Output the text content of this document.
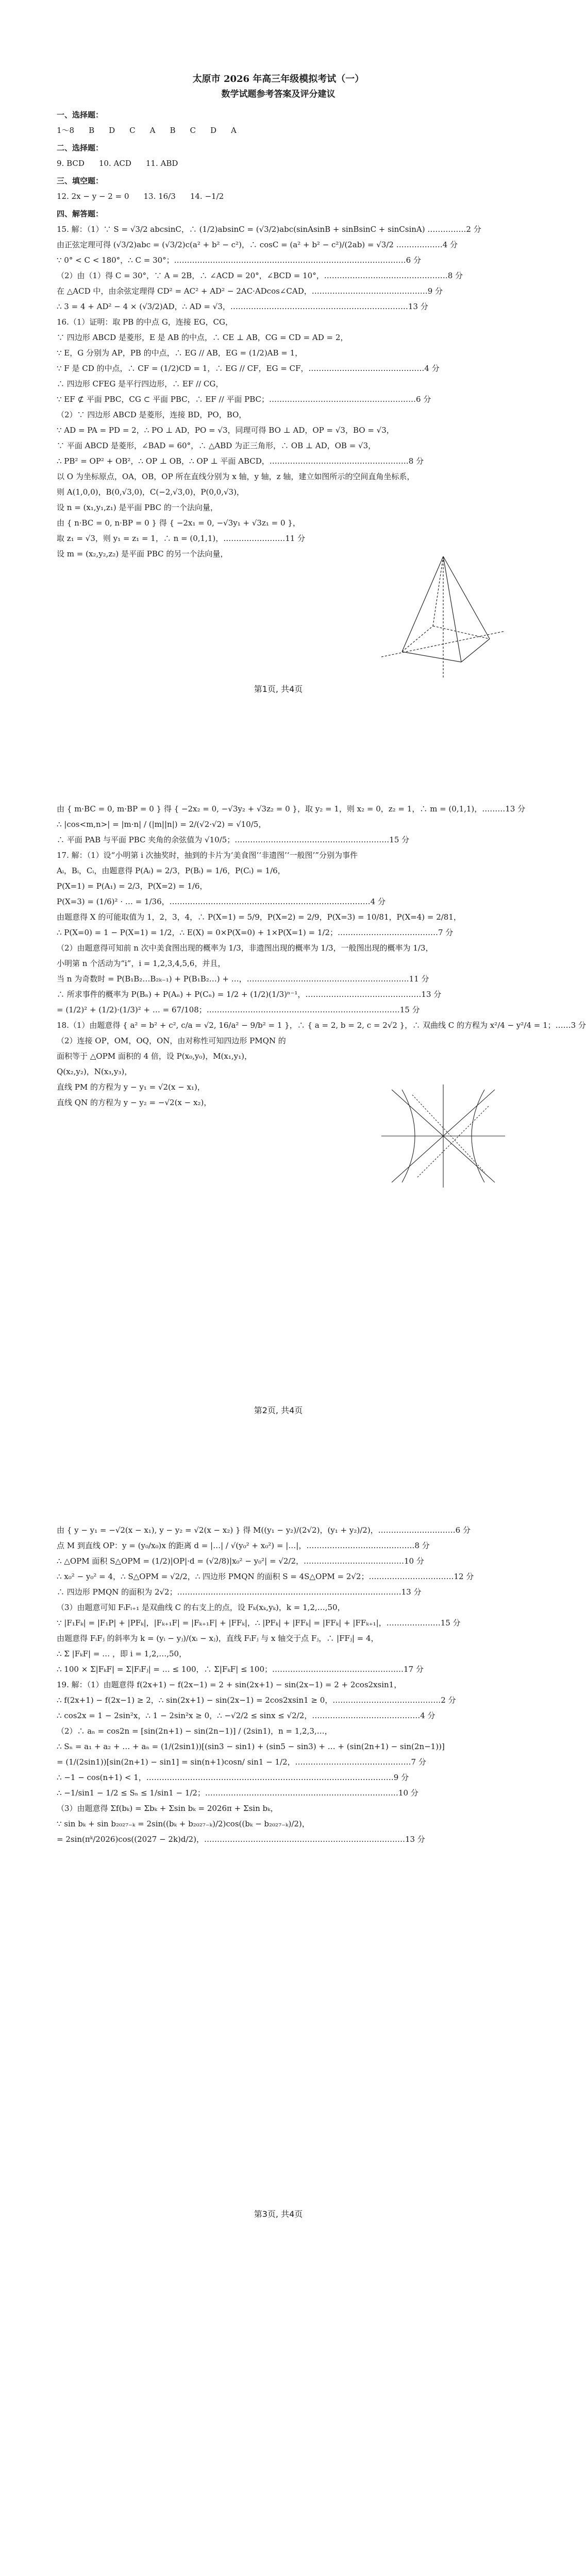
太原市 2026 年高三年级模拟考试（一）
数学试题参考答案及评分建议
一、选择题：
1～8 B D C A B C D A
二、选择题：
9. BCD 10. ACD 11. ABD
三、填空题：
12. 2x − y − 2 = 0 13. 16/3 14. −1/2
四、解答题：
15. 解：（1）∵ S = √3/2 abcsinC，∴ (1/2)absinC = (√3/2)abc(sinAsinB + sinBsinC + sinCsinA) ……………2 分
由正弦定理可得 (√3/2)abc = (√3/2)c(a² + b² − c²)，∴ cosC = (a² + b² − c²)/(2ab) = √3/2 ………………4 分
∵ 0° < C < 180°，∴ C = 30°；………………………………………………………………………………6 分
（2）由（1）得 C = 30°，∵ A = 2B，∴ ∠ACD = 20°，∠BCD = 10°，…………………………………………8 分
在 △ACD 中，由余弦定理得 CD² = AC² + AD² − 2AC·ADcos∠CAD，………………………………………9 分
∴ 3 = 4 + AD² − 4 × (√3/2)AD，∴ AD = √3，……………………………………………………………13 分
16.（1）证明：取 PB 的中点 G，连接 EG，CG，
∵ 四边形 ABCD 是菱形，E 是 AB 的中点，∴ CE ⊥ AB，CG = CD = AD = 2，
∵ E，G 分别为 AP，PB 的中点，∴ EG // AB，EG = (1/2)AB = 1，
∵ F 是 CD 的中点，∴ CF = (1/2)CD = 1，∴ EG // CF，EG = CF，………………………………………4 分
∴ 四边形 CFEG 是平行四边形，∴ EF // CG，
∵ EF ⊄ 平面 PBC，CG ⊂ 平面 PBC，∴ EF // 平面 PBC；…………………………………………………6 分
（2）∵ 四边形 ABCD 是菱形，连接 BD，PO，BO，
∵ AD = PA = PD = 2，∴ PO ⊥ AD，PO = √3，同理可得 BO ⊥ AD，OP = √3，BO = √3，
∵ 平面 ABCD 是菱形，∠BAD = 60°，∴ △ABD 为正三角形，∴ OB ⊥ AD，OB = √3，
∴ PB² = OP² + OB²，∴ OP ⊥ OB，∴ OP ⊥ 平面 ABCD，………………………………………………8 分
以 O 为坐标原点，OA，OB，OP 所在直线分别为 x 轴，y 轴，z 轴，建立如图所示的空间直角坐标系，
则 A(1,0,0)，B(0,√3,0)，C(−2,√3,0)，P(0,0,√3)，
设 n = (x₁,y₁,z₁) 是平面 PBC 的一个法向量，
由 { n·BC = 0, n·BP = 0 } 得 { −2x₁ = 0, −√3y₁ + √3z₁ = 0 }，
取 z₁ = √3，则 y₁ = z₁ = 1，∴ n = (0,1,1)，……………………11 分
设 m = (x₂,y₂,z₂) 是平面 PBC 的另一个法向量，
第1页, 共4页
由 { m·BC = 0, m·BP = 0 } 得 { −2x₂ = 0, −√3y₂ + √3z₂ = 0 }，取 y₂ = 1，则 x₂ = 0，z₂ = 1，∴ m = (0,1,1)，………13 分
∴ |cos<m,n>| = |m·n| / (|m||n|) = 2/(√2·√2) = √10/5，
∴ 平面 PAB 与平面 PBC 夹角的余弦值为 √10/5；……………………………………………………15 分
17. 解：（1）设“小明第 i 次抽奖时，抽到的卡片为‘美食图’‘非遗图’‘一般图’”分别为事件
Aᵢ，Bᵢ，Cᵢ，由题意得 P(Aᵢ) = 2/3，P(Bᵢ) = 1/6，P(Cᵢ) = 1/6，
P(X=1) = P(A₁) = 2/3，P(X=2) = 1/6，
P(X=3) = (1/6)² · … = 1/36，……………………………………………………………………4 分
由题意得 X 的可能取值为 1，2，3，4，∴ P(X=1) = 5/9，P(X=2) = 2/9，P(X=3) = 10/81，P(X=4) = 2/81，
∴ P(X=0) = 1 − P(X=1) = 1/2，∴ E(X) = 0×P(X=0) + 1×P(X=1) = 1/2；…………………………………7 分
（2）由题意得可知前 n 次中美食图出现的概率为 1/3，非遗图出现的概率为 1/3，一般图出现的概率为 1/3，
小明第 n 个活动为“i”，i = 1,2,3,4,5,6，并且，
当 n 为奇数时 = P(B₁B₂…B₂ₖ₋₁) + P(B₁B₂…) + …，………………………………………………………11 分
∴ 所求事件的概率为 P(Bₙ) + P(Aₙ) + P(Cₙ) = 1/2 + (1/2)(1/3)ⁿ⁻¹，………………………………………13 分
= (1/2)² + (1/2)·(1/3)² + … = 67/108；…………………………………………………………………15 分
18.（1）由题意得 { a² = b² + c², c/a = √2, 16/a² − 9/b² = 1 }，∴ { a = 2, b = 2, c = 2√2 }，∴ 双曲线 C 的方程为 x²/4 − y²/4 = 1；……3 分
（2）连接 OP，OM，OQ，ON，由对称性可知四边形 PMQN 的
面积等于 △OPM 面积的 4 倍，设 P(x₀,y₀)，M(x₁,y₁)，
Q(x₂,y₂)，N(x₃,y₃)，
直线 PM 的方程为 y − y₁ = √2(x − x₁)，
直线 QN 的方程为 y − y₂ = −√2(x − x₂)，
第2页, 共4页
由 { y − y₁ = −√2(x − x₁), y − y₂ = √2(x − x₂) } 得 M((y₁ − y₂)/(2√2)，(y₁ + y₂)/2)，…………………………6 分
点 M 到直线 OP：y = (y₀/x₀)x 的距离 d = |…| / √(y₀² + x₀²) = |…|，……………………………………8 分
∴ △OPM 面积 S△OPM = (1/2)|OP|·d = (√2/8)|x₀² − y₀²| = √2/2，…………………………………10 分
∴ x₀² − y₀² = 4，∴ S△OPM = √2/2，∴ 四边形 PMQN 的面积 S = 4S△OPM = 2√2；……………………………12 分
∴ 四边形 PMQN 的面积为 2√2；……………………………………………………………………………13 分
（3）由题意可知 FᵢFᵢ₊₁ 是双曲线 C 的右支上的点，设 Fₖ(xₖ,yₖ)，k = 1,2,…,50，
∵ |F₁Fₖ| = |F₁P| + |PFₖ|，|Fₖ₊₁F| = |Fₖ₊₁F| + |FFₖ|，∴ |PFₖ| + |FFₖ| = |FFₖ| + |FFₖ₊₁|，…………………15 分
由题意得 FᵢFⱼ 的斜率为 k = (yᵢ − yⱼ)/(xᵢ − xⱼ)，直线 FᵢFⱼ 与 x 轴交于点 Fⱼ，∴ |FFⱼ| = 4，
∴ Σ |FₖF| = … ，即 i = 1,2,…,50，
∴ 100 × Σ|FₖF| = Σ|FᵢFⱼ| = … ≤ 100，∴ Σ|FₖF| ≤ 100；……………………………………………17 分
19. 解：（1）由题意得 f(2x+1) − f(2x−1) = 2 + sin(2x+1) − sin(2x−1) = 2 + 2cos2xsin1，
∴ f(2x+1) − f(2x−1) ≥ 2，∴ sin(2x+1) − sin(2x−1) = 2cos2xsin1 ≥ 0，……………………………………2 分
∴ cos2x = 1 − 2sin²x，∴ 1 − 2sin²x ≥ 0，∴ −√2/2 ≤ sinx ≤ √2/2，……………………………………4 分
（2）∴ aₙ = cos2n = [sin(2n+1) − sin(2n−1)] / (2sin1)，n = 1,2,3,…，
∴ Sₙ = a₁ + a₂ + … + aₙ = (1/(2sin1))[(sin3 − sin1) + (sin5 − sin3) + … + (sin(2n+1) − sin(2n−1))]
= (1/(2sin1))[sin(2n+1) − sin1] = sin(n+1)cosn/ sin1 − 1/2，………………………………………7 分
∴ −1 − cos(n+1) < 1，……………………………………………………………………………………9 分
∴ −1/sin1 − 1/2 ≤ Sₙ ≤ 1/sin1 − 1/2；…………………………………………………………………10 分
（3）由题意得 Σf(bₖ) = Σbₖ + Σsin bₖ = 2026π + Σsin bₖ，
∵ sin bₖ + sin b₂₀₂₇₋ₖ = 2sin((bₖ + b₂₀₂₇₋ₖ)/2)cos((bₖ − b₂₀₂₇₋ₖ)/2)，
= 2sin(πᵏ/2026)cos((2027 − 2k)d/2)，……………………………………………………………………13 分
第3页, 共4页
